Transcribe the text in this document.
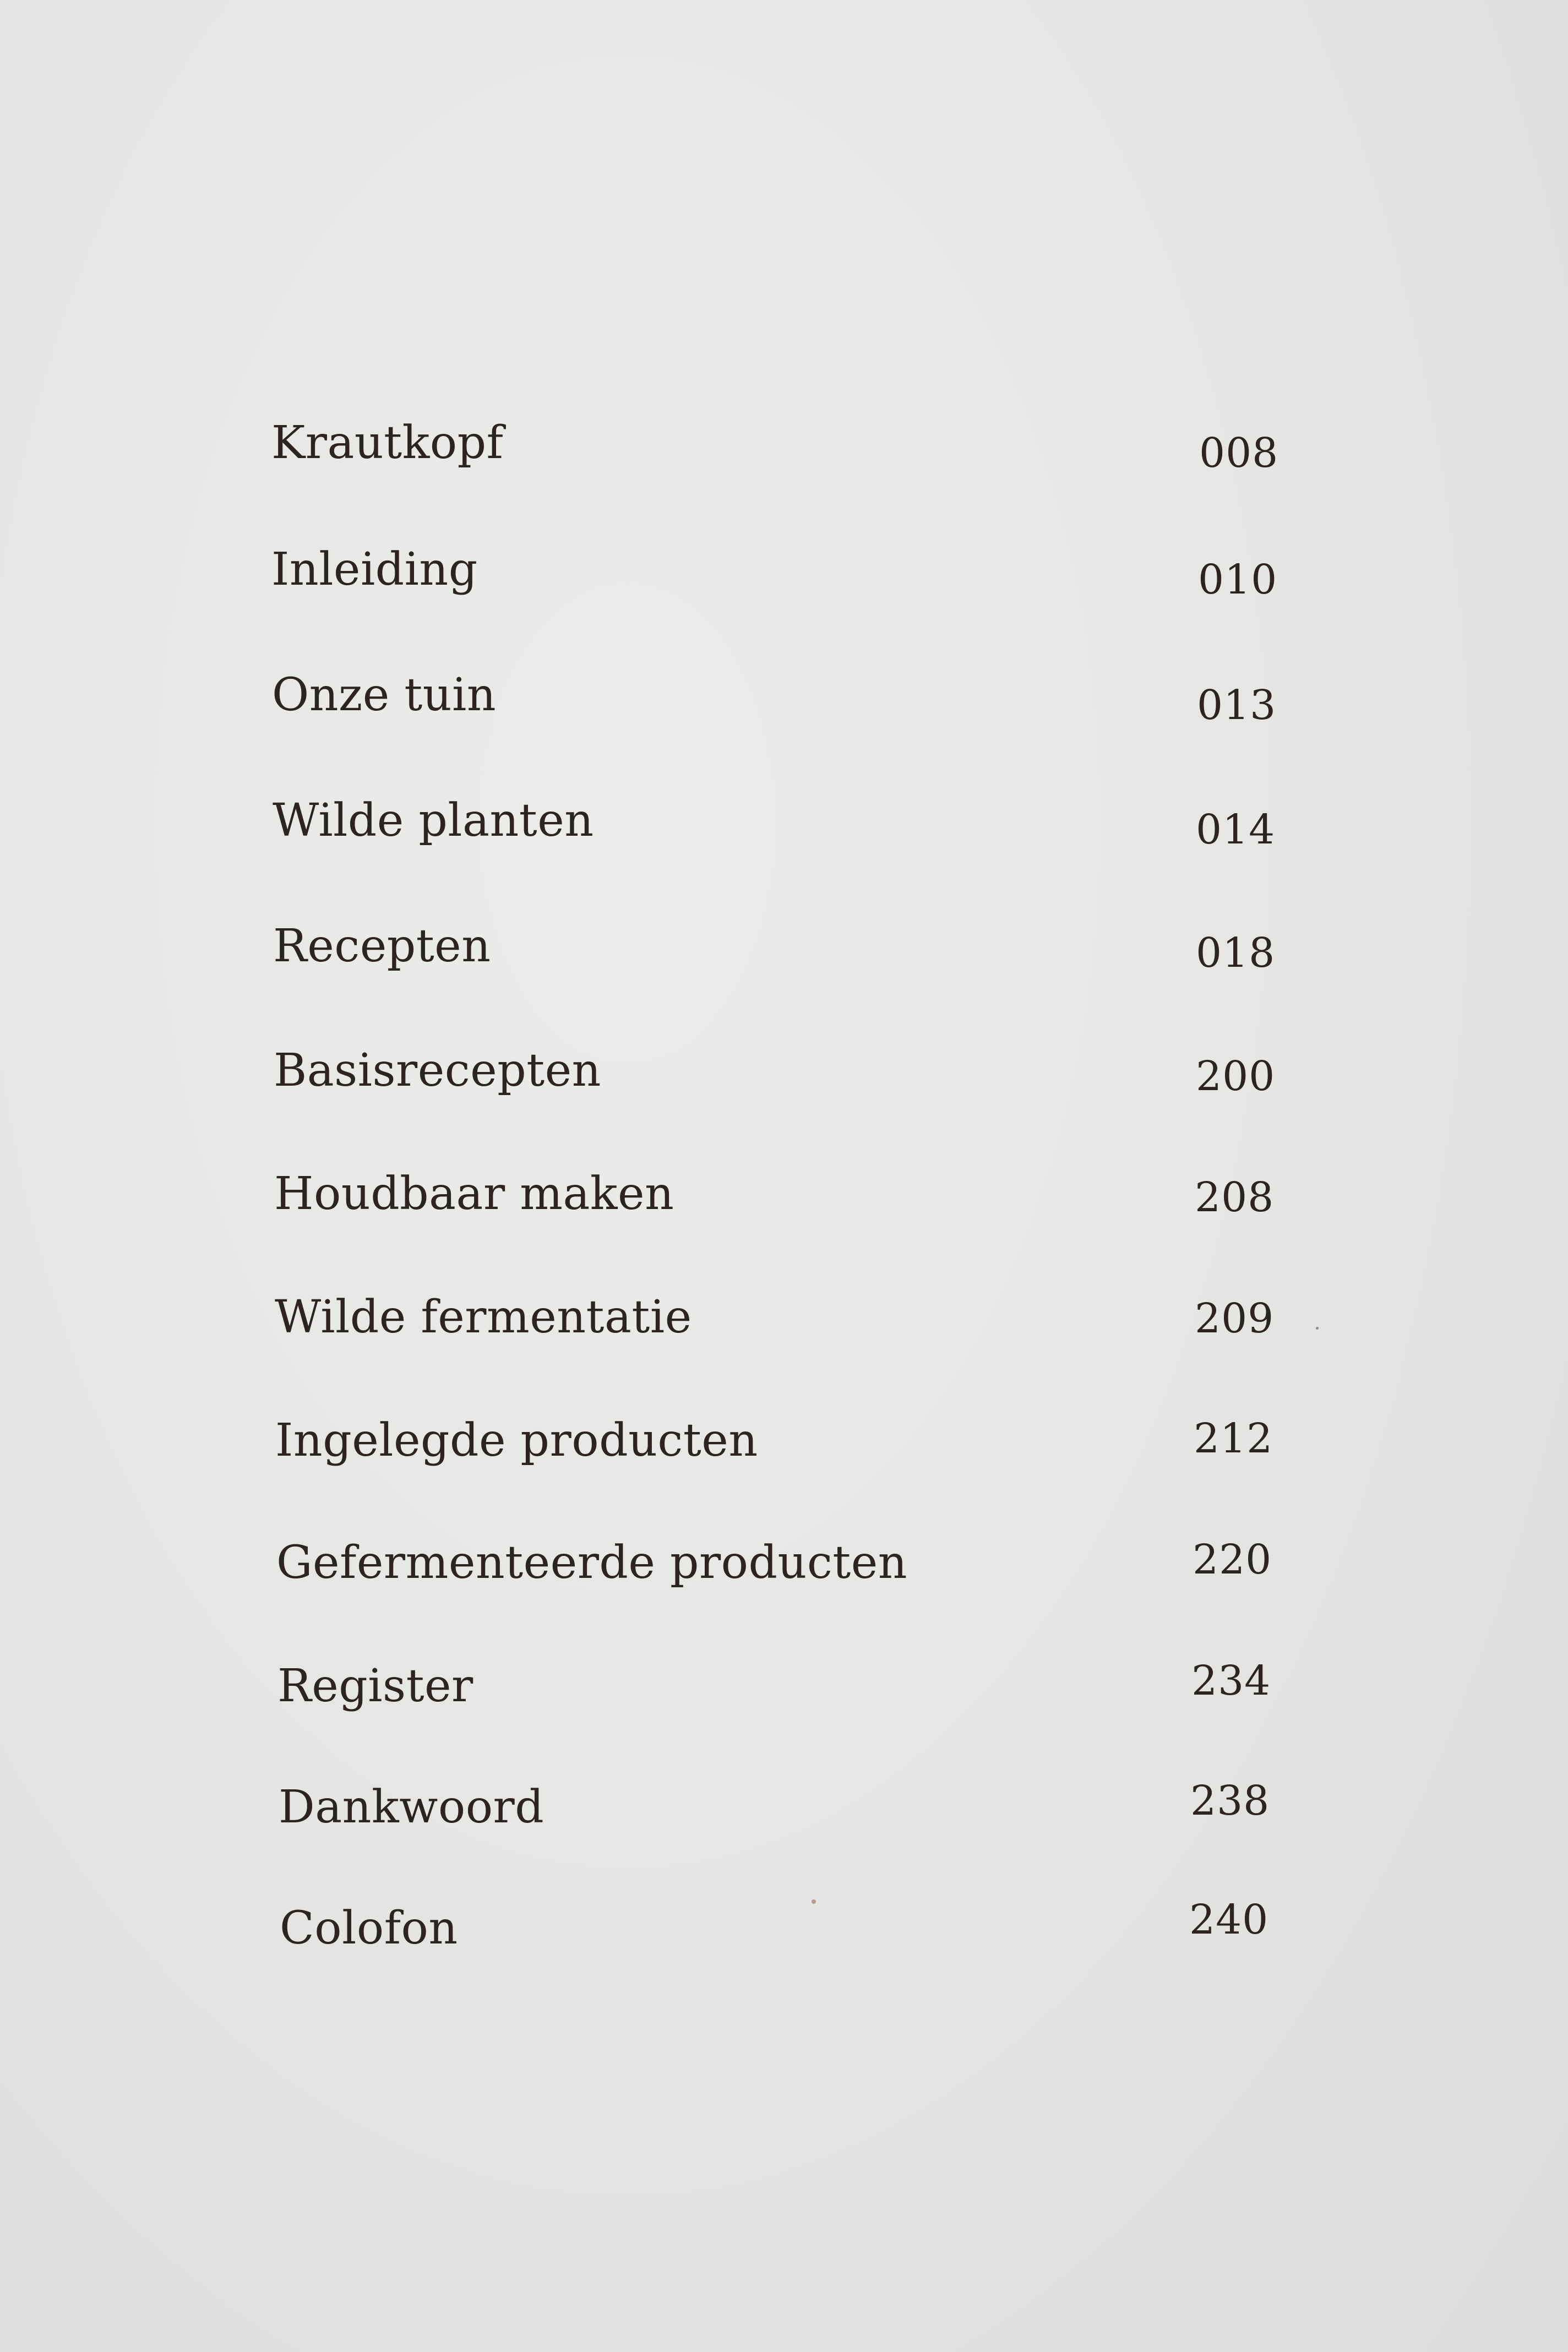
Krautkopf	008
Inleiding	010
Onze tuin	013
Wilde planten	014
Recepten	018
Basisrecepten	200
Houdbaar maken	208
Wilde fermentatie	209
Ingelegde producten	212
Gefermenteerde producten	220
Register	234
Dankwoord	238
Colofon	240
